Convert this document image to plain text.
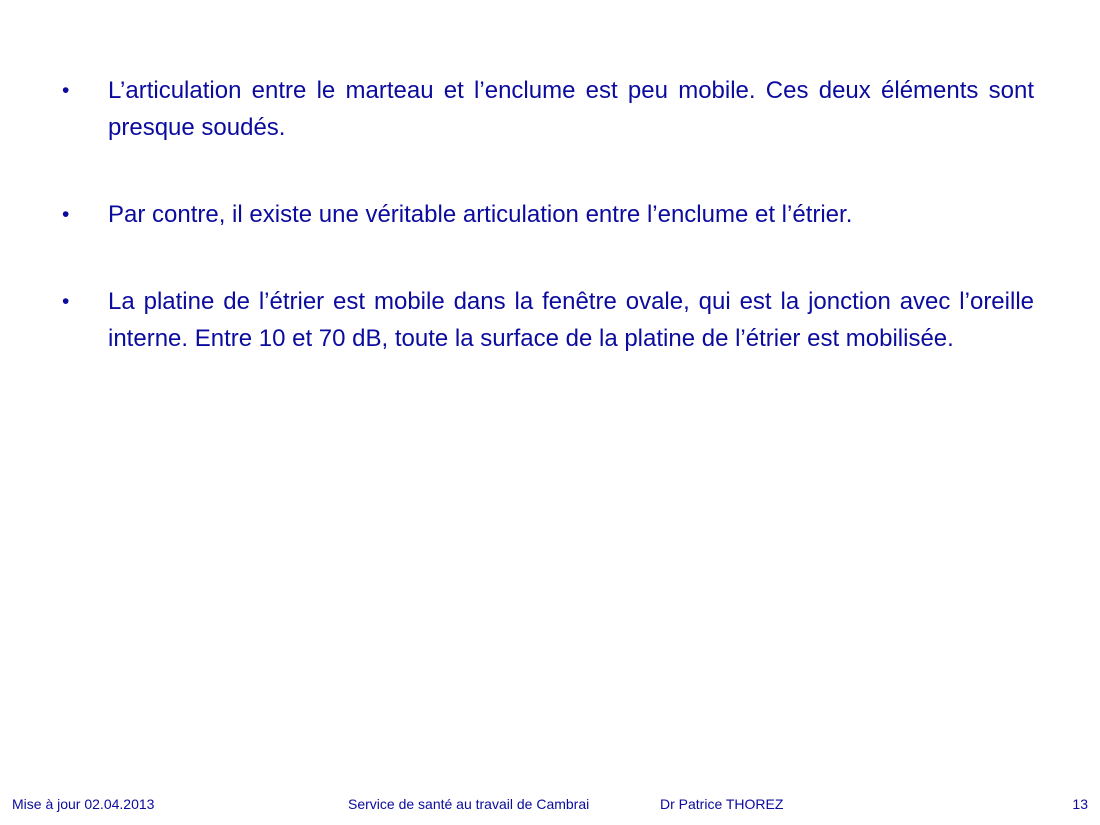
•	L’articulation entre le marteau et l’enclume est peu mobile. Ces deux éléments sont presque soudés.
•	Par contre, il existe une véritable articulation entre l’enclume et l’étrier.
•	La platine de l’étrier est mobile dans la fenêtre ovale, qui est la jonction avec l’oreille interne. Entre 10 et 70 dB, toute la surface de la platine de l’étrier est mobilisée.
Mise à jour 02.04.2013	Service de santé au travail de Cambrai	Dr Patrice THOREZ	13
